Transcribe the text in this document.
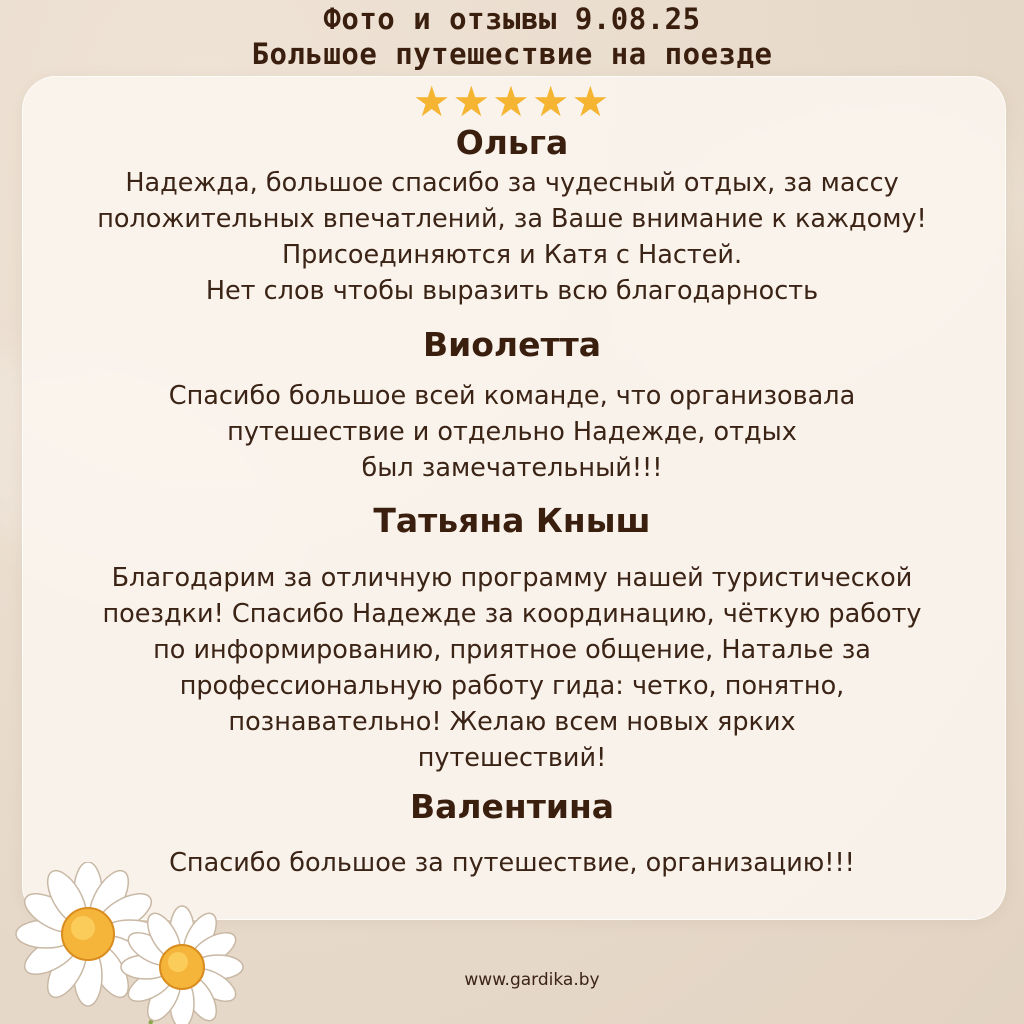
Фото и отзывы 9.08.25
Большое путешествие на поезде
★★★★★
Ольга
Надежда, большое спасибо за чудесный отдых, за массу
положительных впечатлений, за Ваше внимание к каждому!
Присоединяются и Катя с Настей.
Нет слов чтобы выразить всю благодарность
Виолетта
Спасибо большое всей команде, что организовала
путешествие и отдельно Надежде, отдых
был замечательный!!!
Татьяна Кныш
Благодарим за отличную программу нашей туристической
поездки! Спасибо Надежде за координацию, чёткую работу
по информированию, приятное общение, Наталье за
профессиональную работу гида: четко, понятно,
познавательно! Желаю всем новых ярких
путешествий!
Валентина
Спасибо большое за путешествие, организацию!!!
www.gardika.by
